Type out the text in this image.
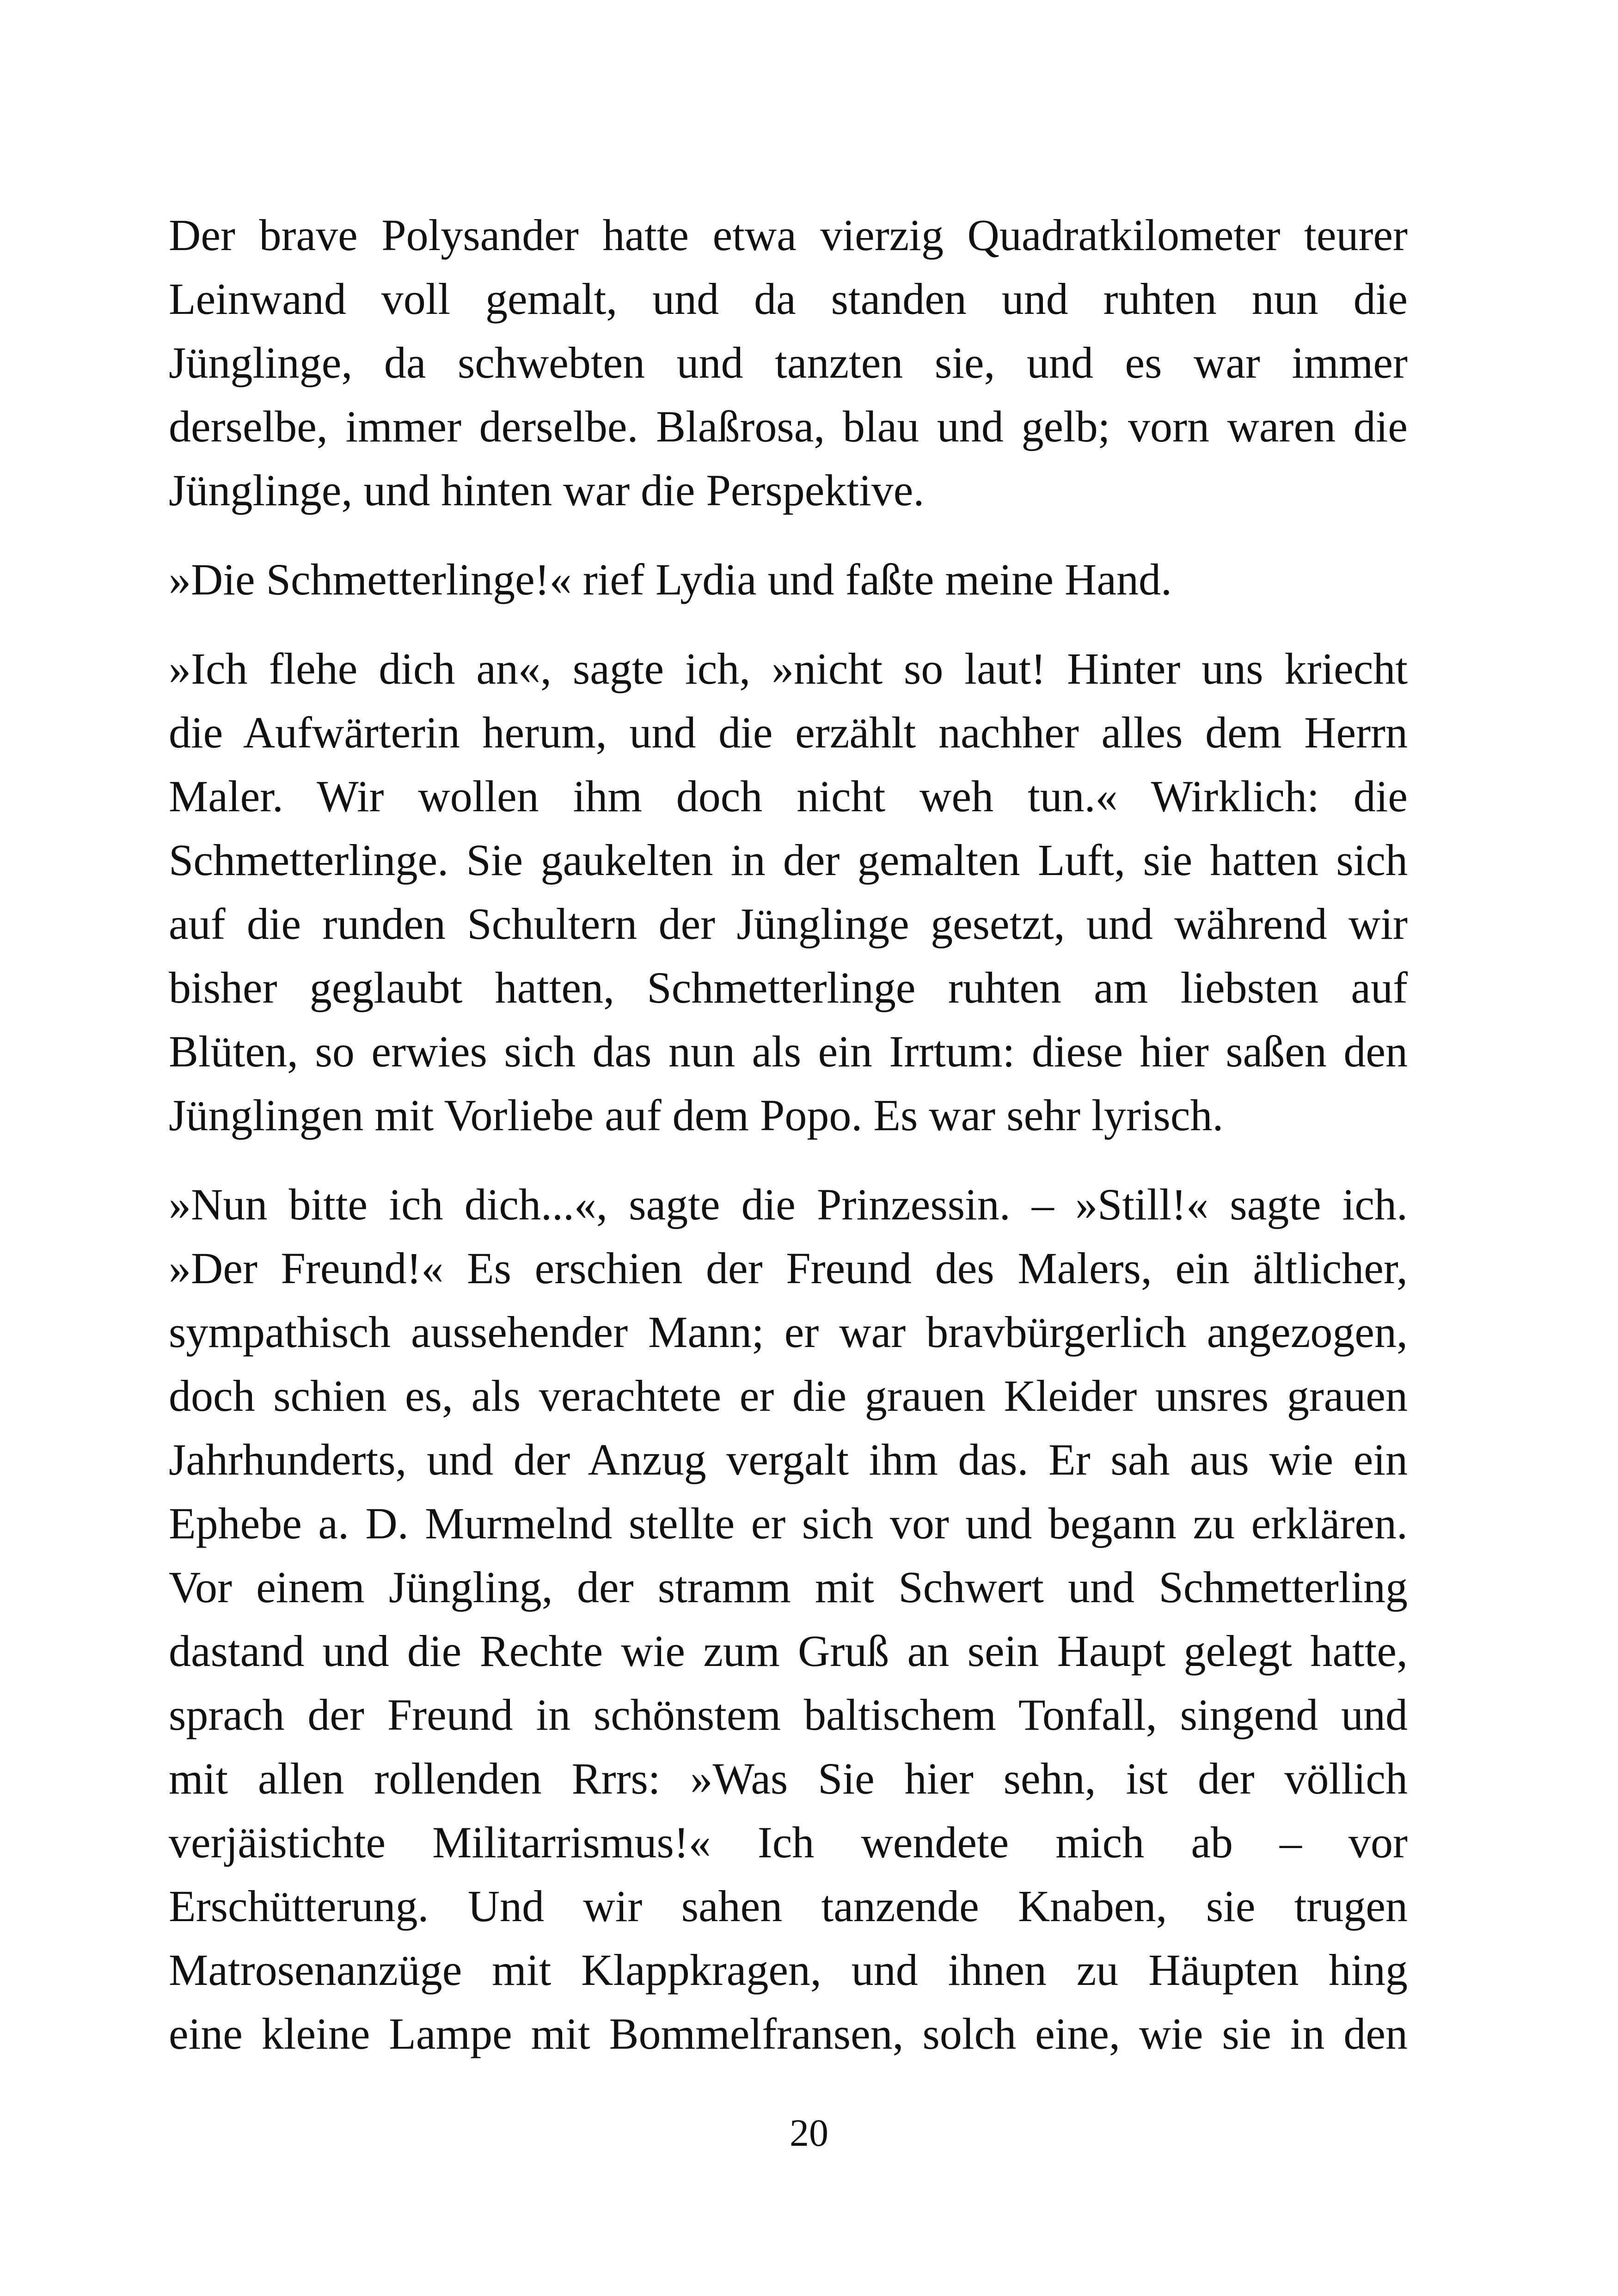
Der brave Polysander hatte etwa vierzig Quadratkilometer teurer
Leinwand voll gemalt, und da standen und ruhten nun die
Jünglinge, da schwebten und tanzten sie, und es war immer
derselbe, immer derselbe. Blaßrosa, blau und gelb; vorn waren die
Jünglinge, und hinten war die Perspektive.
»Die Schmetterlinge!« rief Lydia und faßte meine Hand.
»Ich flehe dich an«, sagte ich, »nicht so laut! Hinter uns kriecht
die Aufwärterin herum, und die erzählt nachher alles dem Herrn
Maler. Wir wollen ihm doch nicht weh tun.« Wirklich: die
Schmetterlinge. Sie gaukelten in der gemalten Luft, sie hatten sich
auf die runden Schultern der Jünglinge gesetzt, und während wir
bisher geglaubt hatten, Schmetterlinge ruhten am liebsten auf
Blüten, so erwies sich das nun als ein Irrtum: diese hier saßen den
Jünglingen mit Vorliebe auf dem Popo. Es war sehr lyrisch.
»Nun bitte ich dich...«, sagte die Prinzessin. – »Still!« sagte ich.
»Der Freund!« Es erschien der Freund des Malers, ein ältlicher,
sympathisch aussehender Mann; er war bravbürgerlich angezogen,
doch schien es, als verachtete er die grauen Kleider unsres grauen
Jahrhunderts, und der Anzug vergalt ihm das. Er sah aus wie ein
Ephebe a. D. Murmelnd stellte er sich vor und begann zu erklären.
Vor einem Jüngling, der stramm mit Schwert und Schmetterling
dastand und die Rechte wie zum Gruß an sein Haupt gelegt hatte,
sprach der Freund in schönstem baltischem Tonfall, singend und
mit allen rollenden Rrrs: »Was Sie hier sehn, ist der völlich
verjäistichte Militarrismus!« Ich wendete mich ab – vor
Erschütterung. Und wir sahen tanzende Knaben, sie trugen
Matrosenanzüge mit Klappkragen, und ihnen zu Häupten hing
eine kleine Lampe mit Bommelfransen, solch eine, wie sie in den
20
